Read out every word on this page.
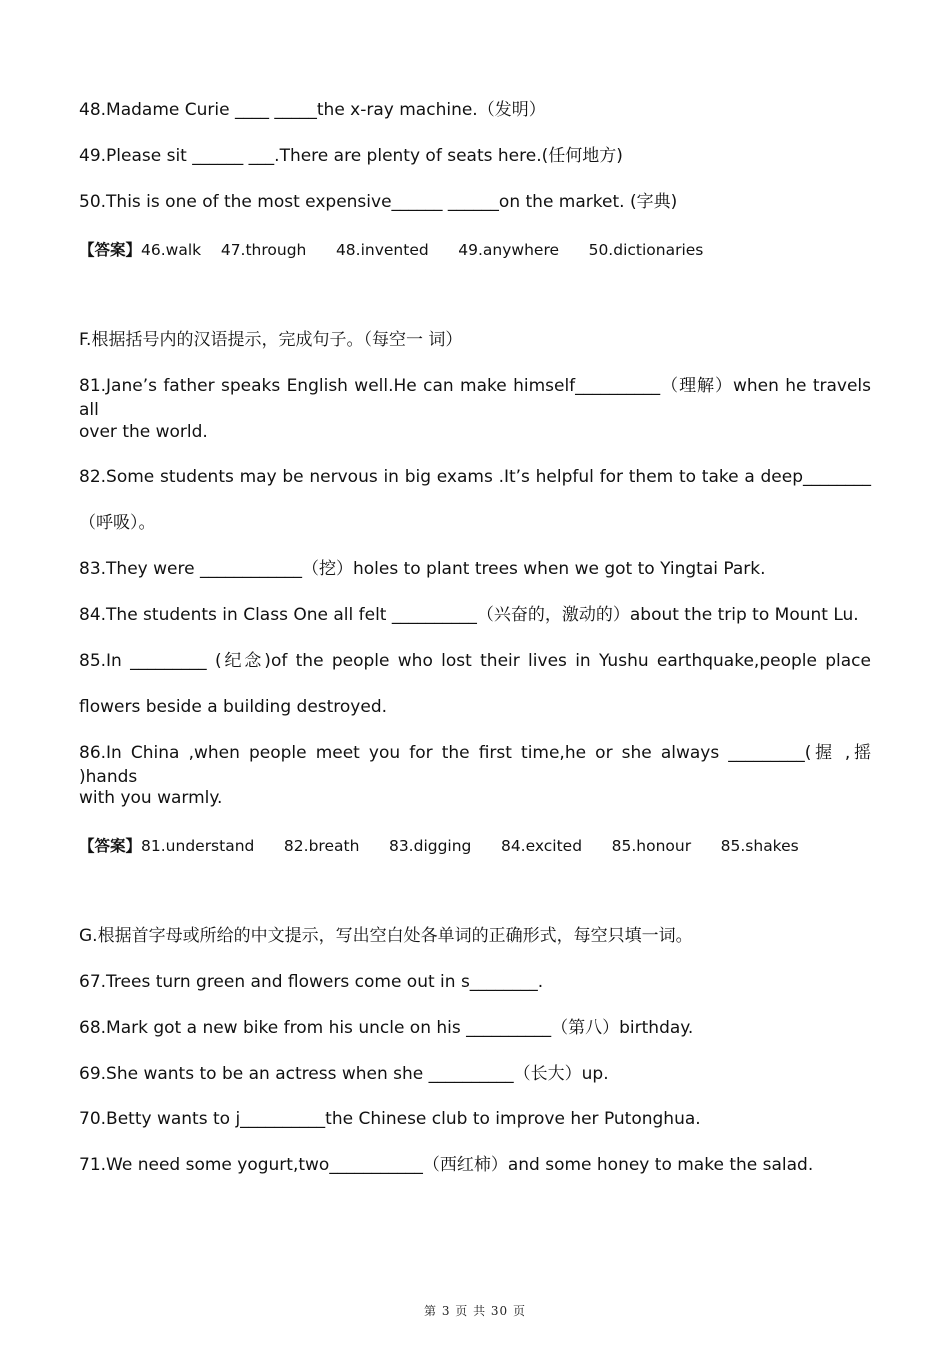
48.Madame Curie ____ _____the x-ray machine.（发明）
49.Please sit ______ ___.There are plenty of seats here.(任何地方)
50.This is one of the most expensive______ ______on the market. (字典)
【答案】46.walk    47.through      48.invented      49.anywhere      50.dictionaries
F.根据括号内的汉语提示，完成句子。（每空一 词）
81.Jane’s father speaks English well.He can make himself__________（理解）when he travels all
over the world.
82.Some students may be nervous in big exams .It’s helpful for them to take a deep________
（呼吸）。
83.They were ____________（挖）holes to plant trees when we got to Yingtai Park.
84.The students in Class One all felt __________（兴奋的，激动的）about the trip to Mount Lu.
85.In _________ (纪念)of the people who lost their lives in Yushu earthquake,people place
flowers beside a building destroyed.
86.In China ,when people meet you for the first time,he or she always _________(握 ,摇 )hands
with you warmly.
【答案】81.understand      82.breath      83.digging      84.excited      85.honour      85.shakes
G.根据首字母或所给的中文提示，写出空白处各单词的正确形式，每空只填一词。
67.Trees turn green and flowers come out in s________.
68.Mark got a new bike from his uncle on his __________（第八）birthday.
69.She wants to be an actress when she __________（长大）up.
70.Betty wants to j__________the Chinese club to improve her Putonghua.
71.We need some yogurt,two___________（西红柿）and some honey to make the salad.
第 3 页 共 30 页
